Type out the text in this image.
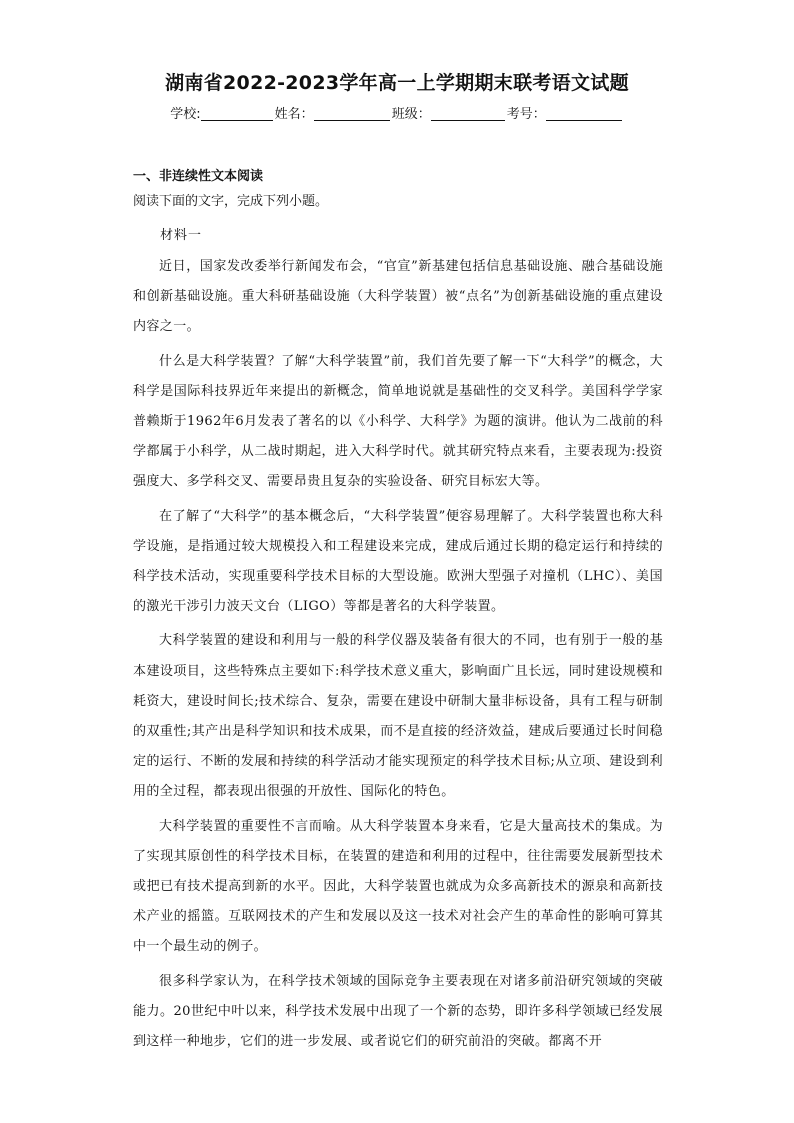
湖南省2022-2023学年高一上学期期末联考语文试题
学校:	姓名：	班级：	考号：
一、非连续性文本阅读
阅读下面的文字，完成下列小题。
材料一

近日，国家发改委举行新闻发布会，“官宣”新基建包括信息基础设施、融合基础设施和创新基础设施。重大科研基础设施（大科学装置）被“点名”为创新基础设施的重点建设内容之一。

什么是大科学装置？了解“大科学装置”前，我们首先要了解一下“大科学”的概念，大科学是国际科技界近年来提出的新概念，简单地说就是基础性的交叉科学。美国科学学家普赖斯于1962年6月发表了著名的以《小科学、大科学》为题的演讲。他认为二战前的科学都属于小科学，从二战时期起，进入大科学时代。就其研究特点来看，主要表现为:投资强度大、多学科交叉、需要昂贵且复杂的实验设备、研究目标宏大等。

在了解了“大科学”的基本概念后，“大科学装置”便容易理解了。大科学装置也称大科学设施，是指通过较大规模投入和工程建设来完成，建成后通过长期的稳定运行和持续的科学技术活动，实现重要科学技术目标的大型设施。欧洲大型强子对撞机（LHC）、美国的激光干涉引力波天文台（LIGO）等都是著名的大科学装置。

大科学装置的建设和利用与一般的科学仪器及装备有很大的不同，也有别于一般的基本建设项目，这些特殊点主要如下:科学技术意义重大，影响面广且长远，同时建设规模和耗资大，建设时间长;技术综合、复杂，需要在建设中研制大量非标设备，具有工程与研制的双重性;其产出是科学知识和技术成果，而不是直接的经济效益，建成后要通过长时间稳定的运行、不断的发展和持续的科学活动才能实现预定的科学技术目标;从立项、建设到利用的全过程，都表现出很强的开放性、国际化的特色。

大科学装置的重要性不言而喻。从大科学装置本身来看，它是大量高技术的集成。为了实现其原创性的科学技术目标，在装置的建造和利用的过程中，往往需要发展新型技术或把已有技术提高到新的水平。因此，大科学装置也就成为众多高新技术的源泉和高新技术产业的摇篮。互联网技术的产生和发展以及这一技术对社会产生的革命性的影响可算其中一个最生动的例子。

很多科学家认为，在科学技术领域的国际竞争主要表现在对诸多前沿研究领域的突破能力。20世纪中叶以来，科学技术发展中出现了一个新的态势，即许多科学领域已经发展到这样一种地步，它们的进一步发展、或者说它们的研究前沿的突破。都离不开
